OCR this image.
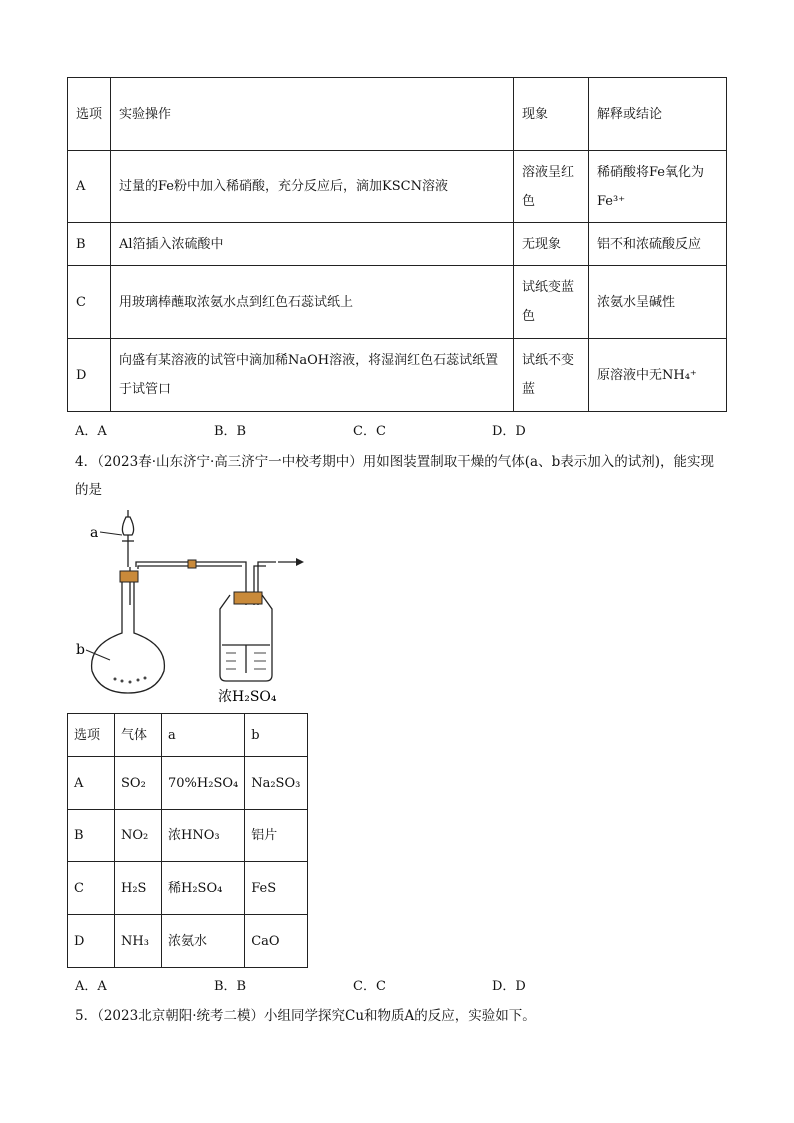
选项	实验操作	现象	解释或结论
A	过量的Fe粉中加入稀硝酸，充分反应后，滴加KSCN溶液	溶液呈红色	稀硝酸将Fe氧化为Fe³⁺
B	Al箔插入浓硫酸中	无现象	铝不和浓硫酸反应
C	用玻璃棒蘸取浓氨水点到红色石蕊试纸上	试纸变蓝色	浓氨水呈碱性
D	向盛有某溶液的试管中滴加稀NaOH溶液，将湿润红色石蕊试纸置于试管口	试纸不变蓝	原溶液中无NH₄⁺
A．A	B．B	C．C	D．D
4．（2023春·山东济宁·高三济宁一中校考期中）用如图装置制取干燥的气体(a、b表示加入的试剂)，能实现的是
a
b
浓H₂SO₄
选项	气体	a	b
A	SO₂	70%H₂SO₄	Na₂SO₃
B	NO₂	浓HNO₃	铝片
C	H₂S	稀H₂SO₄	FeS
D	NH₃	浓氨水	CaO
A．A	B．B	C．C	D．D
5．（2023北京朝阳·统考二模）小组同学探究Cu和物质A的反应，实验如下。
